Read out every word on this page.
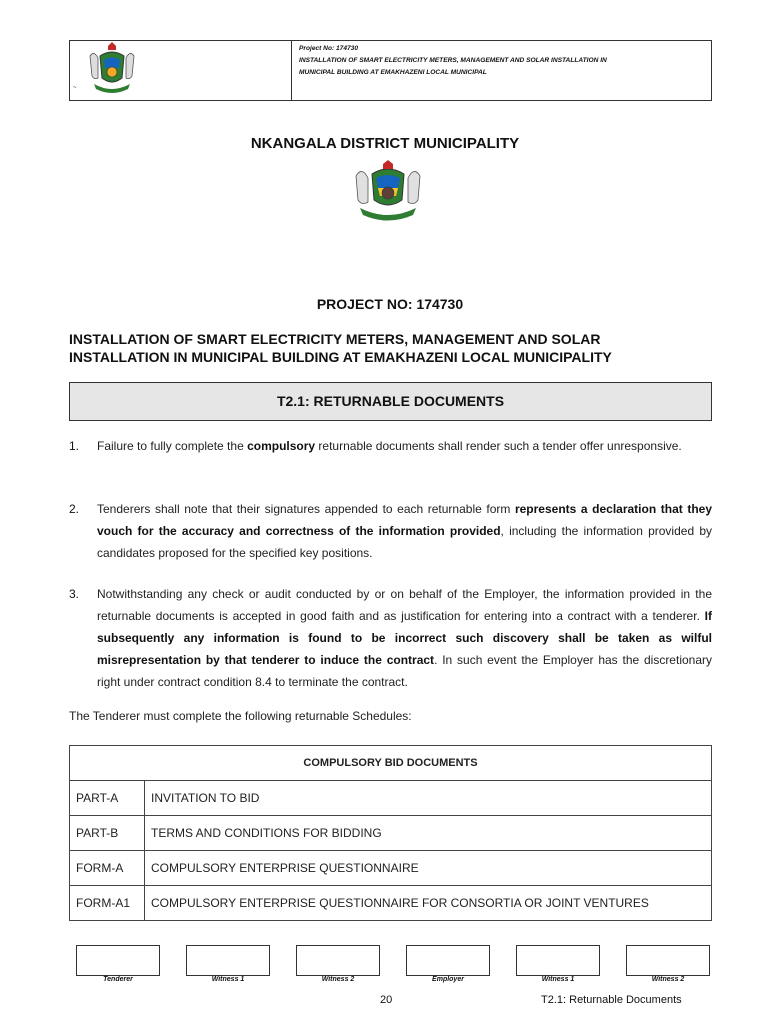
~
Project No: 174730
INSTALLATION OF SMART ELECTRICITY METERS, MANAGEMENT AND SOLAR INSTALLATION IN
MUNICIPAL BUILDING AT EMAKHAZENI LOCAL MUNICIPAL
NKANGALA DISTRICT MUNICIPALITY
PROJECT NO: 174730
INSTALLATION OF SMART ELECTRICITY METERS, MANAGEMENT AND SOLAR
INSTALLATION IN MUNICIPAL BUILDING AT EMAKHAZENI LOCAL MUNICIPALITY
T2.1: RETURNABLE DOCUMENTS
1. Failure to fully complete the compulsory returnable documents shall render such a tender offer unresponsive.
2. Tenderers shall note that their signatures appended to each returnable form represents a declaration that they vouch for the accuracy and correctness of the information provided, including the information provided by candidates proposed for the specified key positions.
3. Notwithstanding any check or audit conducted by or on behalf of the Employer, the information provided in the returnable documents is accepted in good faith and as justification for entering into a contract with a tenderer. If subsequently any information is found to be incorrect such discovery shall be taken as wilful misrepresentation by that tenderer to induce the contract. In such event the Employer has the discretionary right under contract condition 8.4 to terminate the contract.
The Tenderer must complete the following returnable Schedules:
COMPULSORY BID DOCUMENTS	
PART-A	INVITATION TO BID
PART-B	TERMS AND CONDITIONS FOR BIDDING
FORM-A	COMPULSORY ENTERPRISE QUESTIONNAIRE
FORM-A1	COMPULSORY ENTERPRISE QUESTIONNAIRE FOR CONSORTIA OR JOINT VENTURES
Tenderer	Witness 1	Witness 2	Employer	Witness 1	Witness 2
20	T2.1: Returnable Documents
